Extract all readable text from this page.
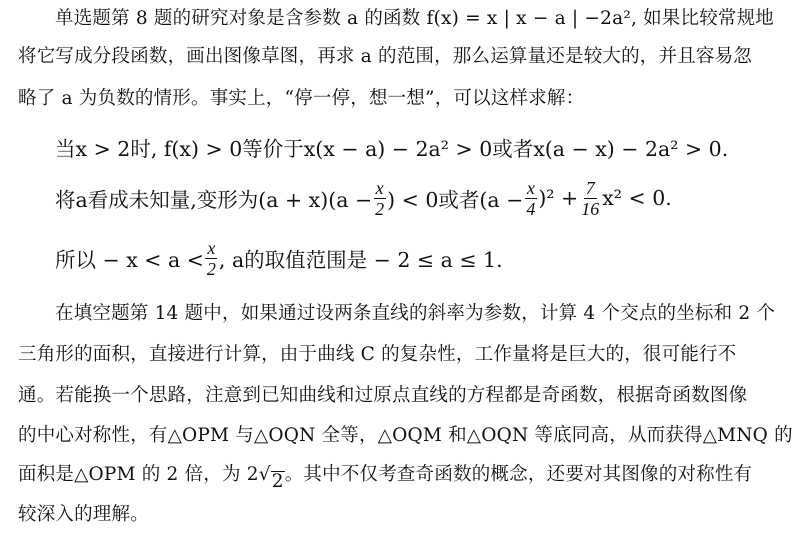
单选题第 8 题的研究对象是含参数 a 的函数 f(x) = x | x − a | −2a², 如果比较常规地
将它写成分段函数，画出图像草图，再求 a 的范围，那么运算量还是较大的，并且容易忽
略了 a 为负数的情形。事实上，“停一停，想一想”，可以这样求解：
当x > 2时, f(x) > 0等价于x(x − a) − 2a² > 0或者x(a − x) − 2a² > 0.
将a看成未知量,变形为$(a + x)(a - \frac{x}{2}$ ) < 0或者$(a - \frac{x}{4} )^2 + \frac{7}{16} x^2 < 0$.
所以 − $x < a < \frac{x}{2}$ , a的取值范围是 − 2 ≤ a ≤ 1.
在填空题第 14 题中，如果通过设两条直线的斜率为参数，计算 4 个交点的坐标和 2 个
三角形的面积，直接进行计算，由于曲线 C 的复杂性，工作量将是巨大的，很可能行不
通。若能换一个思路，注意到已知曲线和过原点直线的方程都是奇函数，根据奇函数图像
的中心对称性，有△OPM 与△OQN 全等，△OQM 和△OQN 等底同高，从而获得△MNQ 的
面积是△OPM 的 2 倍，为 2 √ 2 。其中不仅考查奇函数的概念，还要对其图像的对称性有
较深入的理解。
